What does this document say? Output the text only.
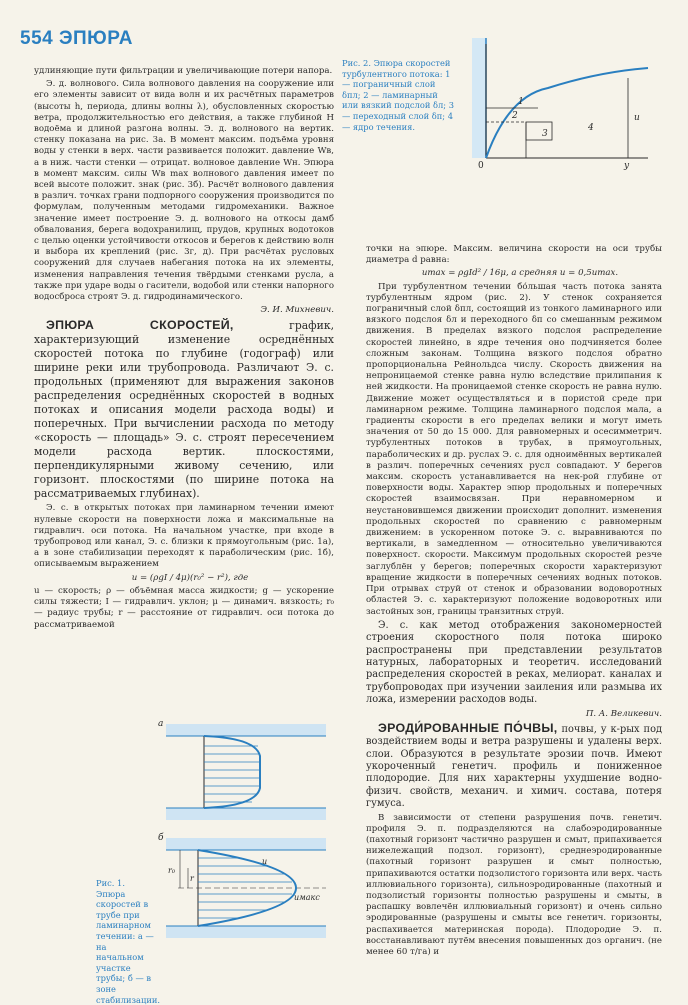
554 ЭПЮРА
Рис. 2. Эпюра скоростей турбулентного потока: 1 — пограничный слой δпл; 2 — ламинарный или вязкий подслой δл; 3 — переходный слой δп; 4 — ядро течения.
1
2
3
4
u
y
0

удлиняющие пути фильтрации и увеличивающие потери напора.

Э. д. волнового. Сила волнового давления на сооружение или его элементы зависит от вида волн и их расчётных параметров (высоты h, периода, длины волны λ), обусловленных скоростью ветра, продолжительностью его действия, а также глубиной H водоёма и длиной разгона волны. Э. д. волнового на вертик. стенку показана на рис. 3а. В момент максим. подъёма уровня воды у стенки в верх. части развивается положит. давление Wв, а в ниж. части стенки — отрицат. волновое давление Wн. Эпюра в момент максим. силы Wв max волнового давления имеет по всей высоте положит. знак (рис. 3б). Расчёт волнового давления в различ. точках грани подпорного сооружения производится по формулам, полученным методами гидромеханики. Важное значение имеет построение Э. д. волнового на откосы дамб обвалования, берега водохранилищ, прудов, крупных водотоков с целью оценки устойчивости откосов и берегов к действию волн и выбора их креплений (рис. 3г, д). При расчётах русловых сооружений для случаев набегания потока на их элементы, изменения направления течения твёрдыми стенками русла, а также при ударе воды о гасители, водобой или стенки напорного водосброса строят Э. д. гидродинамического.

Э. И. Михневич.

ЭПЮРА СКОРОСТЕЙ,	график, характеризующий изменение осреднённых скоростей потока по глубине (годограф) или ширине реки или трубопровода. Различают Э. с. продольных (применяют для выражения законов распределения осреднённых скоростей в водных потоках и описания модели расхода воды) и поперечных. При вычислении расхода по методу «скорость — площадь» Э. с. строят пересечением модели расхода вертик. плоскостями, перпендикулярными живому сечению, или горизонт. плоскостями (по ширине потока на рассматриваемых глубинах).

Э. с. в открытых потоках при ламинарном течении имеют нулевые скорости на поверхности ложа и максимальные на гидравлич. оси потока. На начальном участке, при входе в трубопровод или канал, Э. с. близки к прямоугольным (рис. 1а), а в зоне стабилизации переходят к параболическим (рис. 1б), описываемым выражением

u = (ρgI / 4μ)(r₀² − r²), где

u — скорость; ρ — объёмная масса жидкости; g — ускорение силы тяжести; I — гидравлич. уклон; μ — динамич. вязкость; r₀ — радиус трубы; r — расстояние от гидравлич. оси потока до рассматриваемой

Рис. 1. Эпюра скоростей в трубе при ламинарном течении: а — на начальном участке трубы; б — в зоне стабилизации.
а
б
r₀
r
u
uмакс

точки на эпюре. Максим. величина скорости на оси трубы диаметра d равна:

umax = ρgId² / 16μ, а средняя u = 0,5umax.

При турбулентном течении бо́льшая часть потока занята турбулентным ядром (рис. 2). У стенок сохраняется пограничный слой δпл, состоящий из тонкого ламинарного или вязкого подслоя δл и переходного δп со смешанным режимом движения. В пределах вязкого подслоя распределение скоростей линейно, в ядре течения оно подчиняется более сложным законам. Толщина вязкого подслоя обратно пропорциональна Рейнольдса числу. Скорость движения на непроницаемой стенке равна нулю вследствие прилипания к ней жидкости. На проницаемой стенке скорость не равна нулю. Движение может осуществляться и в пористой среде при ламинарном режиме. Толщина ламинарного подслоя мала, а градиенты скорости в его пределах велики и могут иметь значения от 50 до 15 000. Для равномерных и осесимметрич. турбулентных потоков в трубах, в прямоугольных, параболических и др. руслах Э. с. для одноимённых вертикалей в различ. поперечных сечениях русл совпадают. У берегов максим. скорость устанавливается на нек-рой глубине от поверхности воды. Характер эпюр продольных и поперечных скоростей взаимосвязан. При неравномерном и неустановившемся движении происходит дополнит. изменения продольных скоростей по сравнению с равномерным движением: в ускоренном потоке Э. с. выравниваются по вертикали, в замедленном — относительно увеличиваются поверхност. скорости. Максимум продольных скоростей резче заглублён у берегов; поперечных скорости характеризуют вращение жидкости в поперечных сечениях водных потоков. При отрывах струй от стенок и образовании водоворотных областей Э. с. характеризуют положение водоворотных или застойных зон, границы транзитных струй.

Э. с. как метод отображения закономерностей строения скоростного поля потока широко распространены при представлении результатов натурных, лабораторных и теоретич. исследований распределения скоростей в реках, мелиорат. каналах и трубопроводах при изучении заиления или размыва их ложа, измерении расходов воды.

П. А. Великевич.

ЭРОДИ́РОВАННЫЕ ПО́ЧВЫ, почвы, у к-рых под воздействием воды и ветра разрушены и удалены верх. слои. Образуются в результате эрозии почв. Имеют укороченный генетич. профиль и пониженное плодородие. Для них характерны ухудшение водно-физич. свойств, механич. и химич. состава, потеря гумуса.

В зависимости от степени разрушения почв. генетич. профиля Э. п. подразделяются на слабоэродированные (пахотный горизонт частично разрушен и смыт, припахивается нижележащий подзол. горизонт), среднеэродированные (пахотный горизонт разрушен и смыт полностью, припахиваются остатки подзолистого горизонта или верх. часть иллювиального горизонта), сильноэродированные (пахотный и подзолистый горизонты полностью разрушены и смыты, в распашку вовлечён иллювиальный горизонт) и очень сильно эродированные (разрушены и смыты все генетич. горизонты, распахивается материнская порода). Плодородие Э. п. восстанавливают путём внесения повышенных доз органич. (не менее 60 т/га) и
